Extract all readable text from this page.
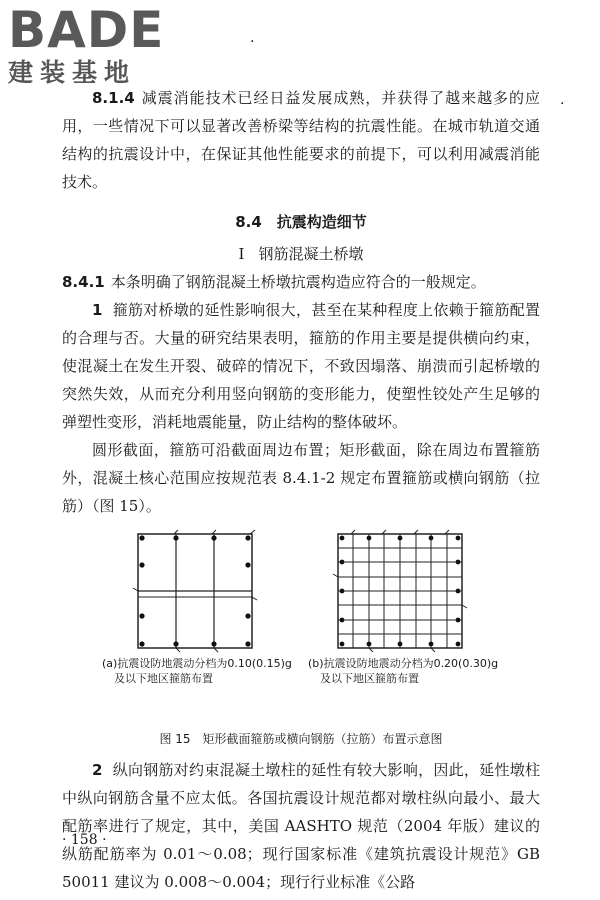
BADE
建装基地
.
.

8.1.4 减震消能技术已经日益发展成熟，并获得了越来越多的应用，一些情况下可以显著改善桥梁等结构的抗震性能。在城市轨道交通结构的抗震设计中，在保证其他性能要求的前提下，可以利用减震消能技术。

8.4　抗震构造细节
Ⅰ 钢筋混凝土桥墩

8.4.1 本条明确了钢筋混凝土桥墩抗震构造应符合的一般规定。

1 箍筋对桥墩的延性影响很大，甚至在某种程度上依赖于箍筋配置的合理与否。大量的研究结果表明，箍筋的作用主要是提供横向约束，使混凝土在发生开裂、破碎的情况下，不致因塌落、崩溃而引起桥墩的突然失效，从而充分利用竖向钢筋的变形能力，使塑性铰处产生足够的弹塑性变形，消耗地震能量，防止结构的整体破坏。

圆形截面，箍筋可沿截面周边布置；矩形截面，除在周边布置箍筋外，混凝土核心范围应按规范表 8.4.1-2 规定布置箍筋或横向钢筋（拉筋）（图 15）。

(a)抗震设防地震动分档为0.10(0.15)g
及以下地区箍筋布置
(b)抗震设防地震动分档为0.20(0.30)g
及以下地区箍筋布置
图 15　矩形截面箍筋或横向钢筋（拉筋）布置示意图

2 纵向钢筋对约束混凝土墩柱的延性有较大影响，因此，延性墩柱中纵向钢筋含量不应太低。各国抗震设计规范都对墩柱纵向最小、最大配筋率进行了规定，其中，美国 AASHTO 规范（2004 年版）建议的纵筋配筋率为 0.01～0.08；现行国家标准《建筑抗震设计规范》GB 50011 建议为 0.008～0.004；现行行业标准《公路

· 158 ·
